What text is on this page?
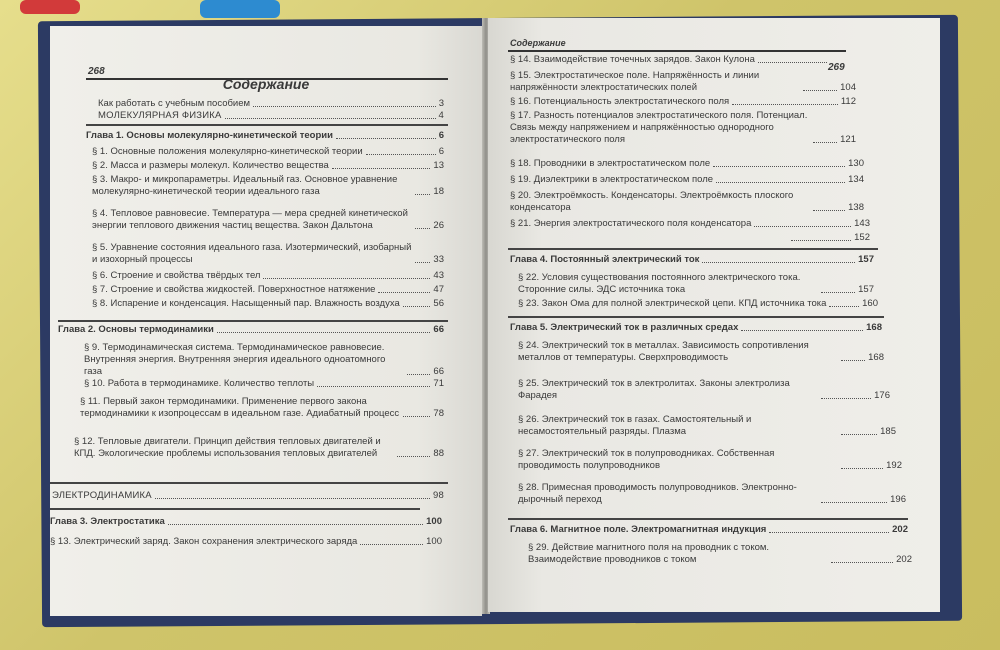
268
Содержание
Как работать с учебным пособием	3
МОЛЕКУЛЯРНАЯ ФИЗИКА	4
Глава 1. Основы молекулярно-кинетической теории	6
§ 1. Основные положения молекулярно-кинетической теории	6
§ 2. Масса и размеры молекул. Количество вещества	13
§ 3. Макро- и микропараметры. Идеальный газ. Основное уравнение молекулярно-кинетической теории идеального газа	18
§ 4. Тепловое равновесие. Температура — мера средней кинетической энергии теплового движения частиц вещества. Закон Дальтона	26
§ 5. Уравнение состояния идеального газа. Изотермический, изобарный и изохорный процессы	33
§ 6. Строение и свойства твёрдых тел	43
§ 7. Строение и свойства жидкостей. Поверхностное натяжение	47
§ 8. Испарение и конденсация. Насыщенный пар. Влажность воздуха	56
Глава 2. Основы термодинамики	66
§ 9. Термодинамическая система. Термодинамическое равновесие. Внутренняя энергия. Внутренняя энергия идеального одноатомного газа	66
§ 10. Работа в термодинамике. Количество теплоты	71
§ 11. Первый закон термодинамики. Применение первого закона термодинамики к изопроцессам в идеальном газе. Адиабатный процесс	78
§ 12. Тепловые двигатели. Принцип действия тепловых двигателей и КПД. Экологические проблемы использования тепловых двигателей	88
ЭЛЕКТРОДИНАМИКА	98
Глава 3. Электростатика	100
§ 13. Электрический заряд. Закон сохранения электрического заряда	100
Содержание
269
§ 14. Взаимодействие точечных зарядов. Закон Кулона
§ 15. Электростатическое поле. Напряжённость и линии напряжённости электростатических полей	104
§ 16. Потенциальность электростатического поля	112
§ 17. Разность потенциалов электростатического поля. Потенциал. Связь между напряжением и напряжённостью однородного электростатического поля	121
§ 18. Проводники в электростатическом поле	130
§ 19. Диэлектрики в электростатическом поле	134
§ 20. Электроёмкость. Конденсаторы. Электроёмкость плоского конденсатора	138
§ 21. Энергия электростатического поля конденсатора	143
152
Глава 4. Постоянный электрический ток	157
§ 22. Условия существования постоянного электрического тока. Сторонние силы. ЭДС источника тока	157
§ 23. Закон Ома для полной электрической цепи. КПД источника тока	160
Глава 5. Электрический ток в различных средах	168
§ 24. Электрический ток в металлах. Зависимость сопротивления металлов от температуры. Сверхпроводимость	168
§ 25. Электрический ток в электролитах. Законы электролиза Фарадея	176
§ 26. Электрический ток в газах. Самостоятельный и несамостоятельный разряды. Плазма	185
§ 27. Электрический ток в полупроводниках. Собственная проводимость полупроводников	192
§ 28. Примесная проводимость полупроводников. Электронно-дырочный переход	196
Глава 6. Магнитное поле. Электромагнитная индукция	202
§ 29. Действие магнитного поля на проводник с током. Взаимодействие проводников с током	202
